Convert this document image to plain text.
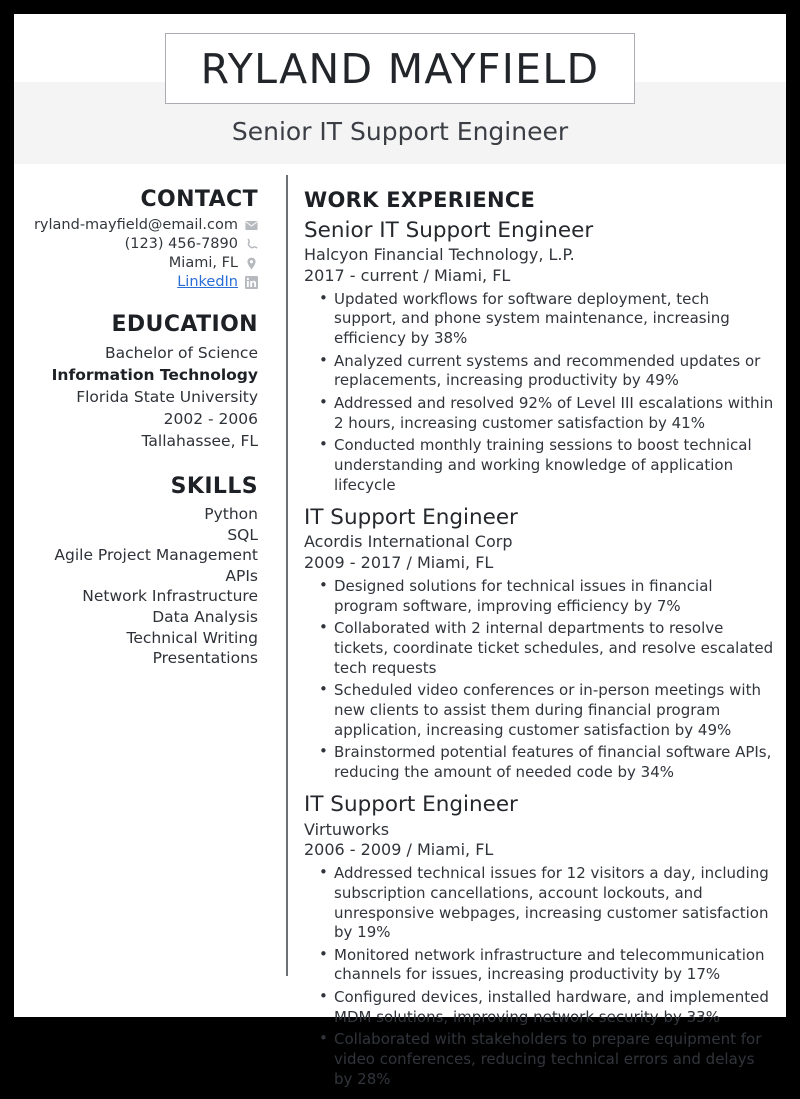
RYLAND MAYFIELD
Senior IT Support Engineer
CONTACT
ryland-mayfield@email.com
(123) 456-7890
Miami, FL
LinkedIn
EDUCATION
Bachelor of Science
Information Technology
Florida State University
2002 - 2006
Tallahassee, FL
SKILLS
Python
SQL
Agile Project Management
APIs
Network Infrastructure
Data Analysis
Technical Writing
Presentations
WORK EXPERIENCE
Senior IT Support Engineer
Halcyon Financial Technology, L.P.
2017 - current / Miami, FL
• Updated workflows for software deployment, tech support, and phone system maintenance, increasing efficiency by 38%
• Analyzed current systems and recommended updates or replacements, increasing productivity by 49%
• Addressed and resolved 92% of Level III escalations within 2 hours, increasing customer satisfaction by 41%
• Conducted monthly training sessions to boost technical understanding and working knowledge of application lifecycle
IT Support Engineer
Acordis International Corp
2009 - 2017 / Miami, FL
• Designed solutions for technical issues in financial program software, improving efficiency by 7%
• Collaborated with 2 internal departments to resolve tickets, coordinate ticket schedules, and resolve escalated tech requests
• Scheduled video conferences or in-person meetings with new clients to assist them during financial program application, increasing customer satisfaction by 49%
• Brainstormed potential features of financial software APIs, reducing the amount of needed code by 34%
IT Support Engineer
Virtuworks
2006 - 2009 / Miami, FL
• Addressed technical issues for 12 visitors a day, including subscription cancellations, account lockouts, and unresponsive webpages, increasing customer satisfaction by 19%
• Monitored network infrastructure and telecommunication channels for issues, increasing productivity by 17%
• Configured devices, installed hardware, and implemented MDM solutions, improving network security by 33%
• Collaborated with stakeholders to prepare equipment for video conferences, reducing technical errors and delays by 28%
